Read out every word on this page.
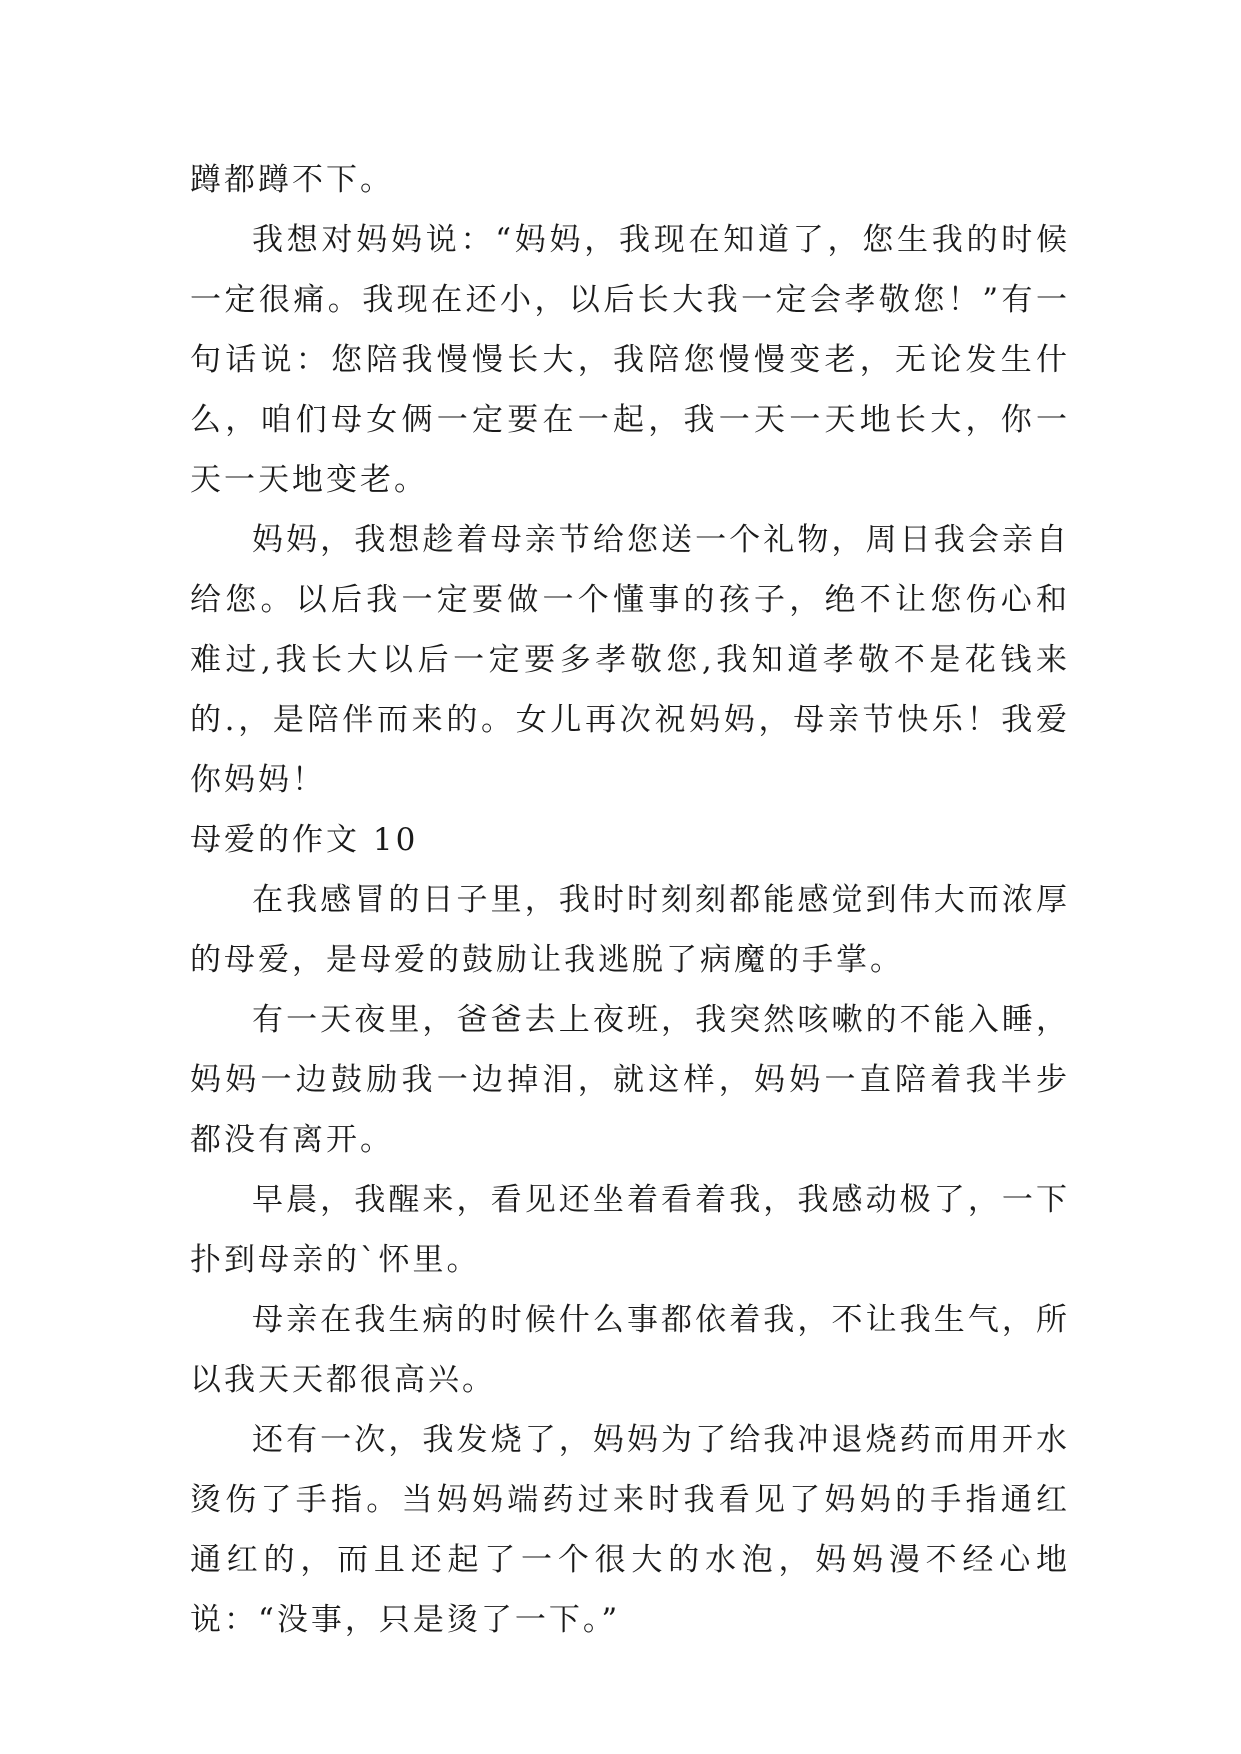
蹲都蹲不下。

我想对妈妈说：“妈妈，我现在知道了，您生我的时候一定很痛。我现在还小，以后长大我一定会孝敬您！”有一句话说：您陪我慢慢长大，我陪您慢慢变老，无论发生什么，咱们母女俩一定要在一起，我一天一天地长大，你一天一天地变老。

妈妈，我想趁着母亲节给您送一个礼物，周日我会亲自给您。以后我一定要做一个懂事的孩子，绝不让您伤心和难过,我长大以后一定要多孝敬您,我知道孝敬不是花钱来的.，是陪伴而来的。女儿再次祝妈妈，母亲节快乐！我爱你妈妈！

母爱的作文 10

在我感冒的日子里，我时时刻刻都能感觉到伟大而浓厚的母爱，是母爱的鼓励让我逃脱了病魔的手掌。

有一天夜里，爸爸去上夜班，我突然咳嗽的不能入睡，妈妈一边鼓励我一边掉泪，就这样，妈妈一直陪着我半步都没有离开。

早晨，我醒来，看见还坐着看着我，我感动极了，一下扑到母亲的`怀里。

母亲在我生病的时候什么事都依着我，不让我生气，所以我天天都很高兴。

还有一次，我发烧了，妈妈为了给我冲退烧药而用开水烫伤了手指。当妈妈端药过来时我看见了妈妈的手指通红通红的，而且还起了一个很大的水泡，妈妈漫不经心地说：“没事，只是烫了一下。”
